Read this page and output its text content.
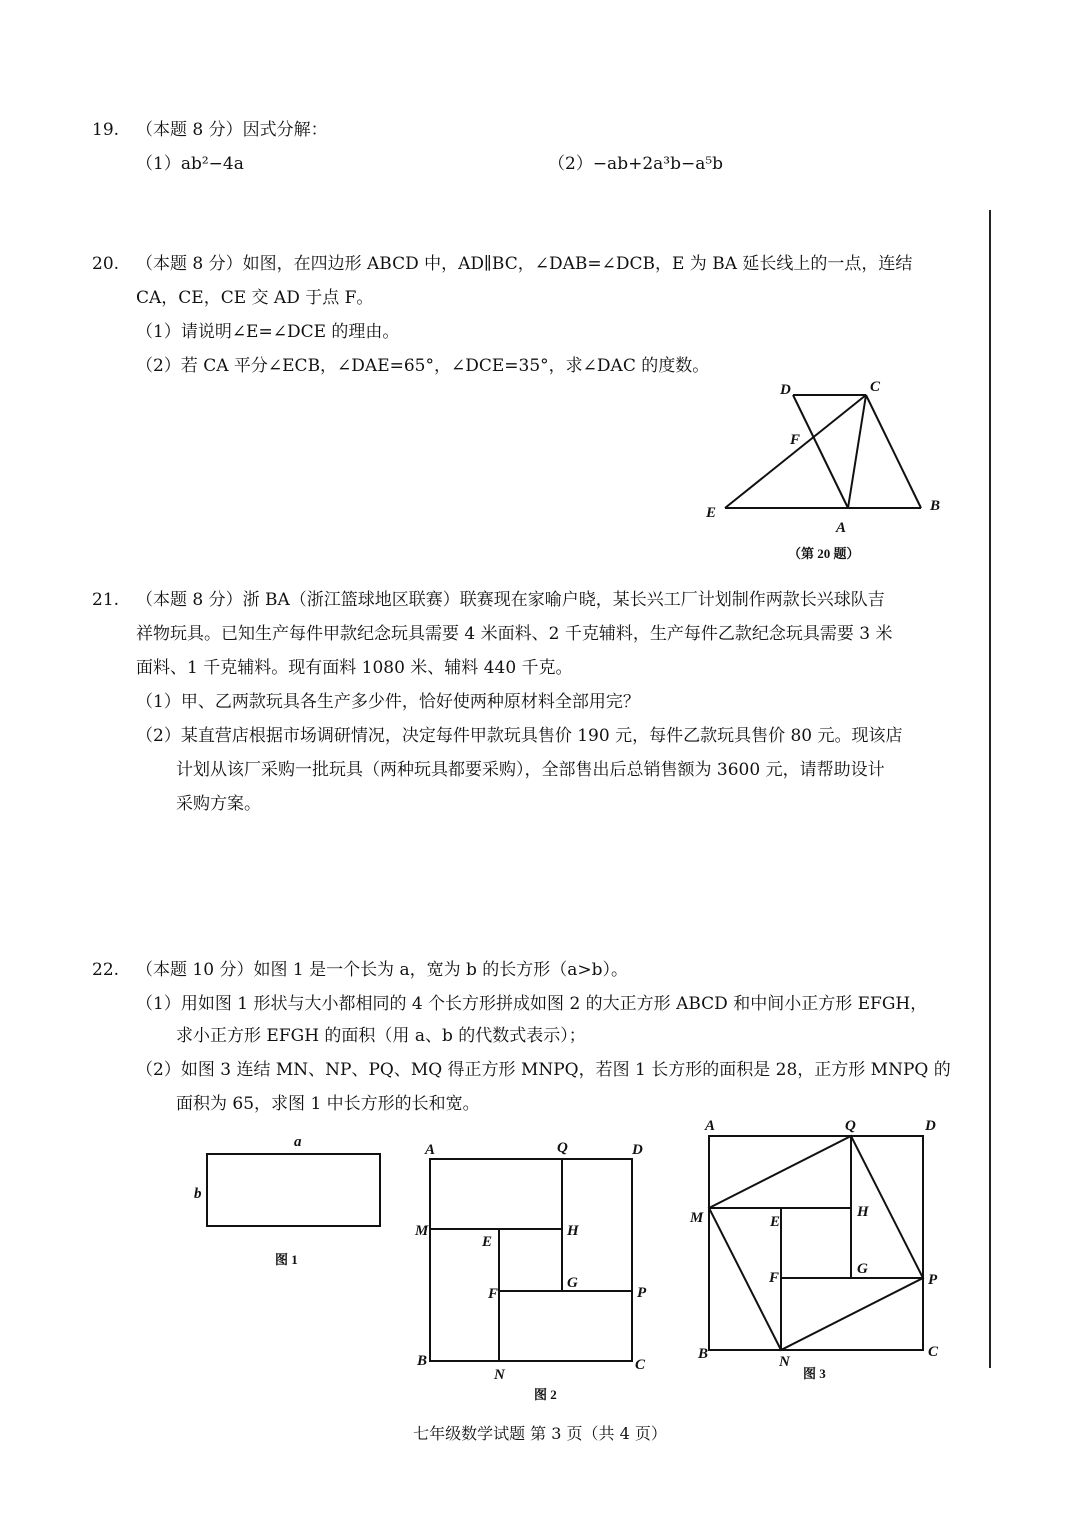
19. （本题 8 分）因式分解：
（1）ab²−4a	（2）−ab+2a³b−a⁵b
20. （本题 8 分）如图，在四边形 ABCD 中，AD∥BC，∠DAB=∠DCB，E 为 BA 延长线上的一点，连结
CA，CE，CE 交 AD 于点 F。
（1）请说明∠E=∠DCE 的理由。
（2）若 CA 平分∠ECB，∠DAE=65°，∠DCE=35°，求∠DAC 的度数。
D	C
F
E
A
B
（第 20 题）
21. （本题 8 分）浙 BA（浙江篮球地区联赛）联赛现在家喻户晓，某长兴工厂计划制作两款长兴球队吉
祥物玩具。已知生产每件甲款纪念玩具需要 4 米面料、2 千克辅料，生产每件乙款纪念玩具需要 3 米
面料、1 千克辅料。现有面料 1080 米、辅料 440 千克。
（1）甲、乙两款玩具各生产多少件，恰好使两种原材料全部用完？
（2）某直营店根据市场调研情况，决定每件甲款玩具售价 190 元，每件乙款玩具售价 80 元。现该店
计划从该厂采购一批玩具（两种玩具都要采购），全部售出后总销售额为 3600 元，请帮助设计
采购方案。
22. （本题 10 分）如图 1 是一个长为 a，宽为 b 的长方形（a>b）。
（1）用如图 1 形状与大小都相同的 4 个长方形拼成如图 2 的大正方形 ABCD 和中间小正方形 EFGH，
求小正方形 EFGH 的面积（用 a、b 的代数式表示）；
（2）如图 3 连结 MN、NP、PQ、MQ 得正方形 MNPQ，若图 1 长方形的面积是 28，正方形 MNPQ 的
面积为 65，求图 1 中长方形的长和宽。
a
b
图 1
A	Q	D
M
E
H
F
G
P
B
N
C
图 2
A	Q	D
M	E
H
F
G
P
B	N
C
图 3
七年级数学试题 第 3 页（共 4 页）
